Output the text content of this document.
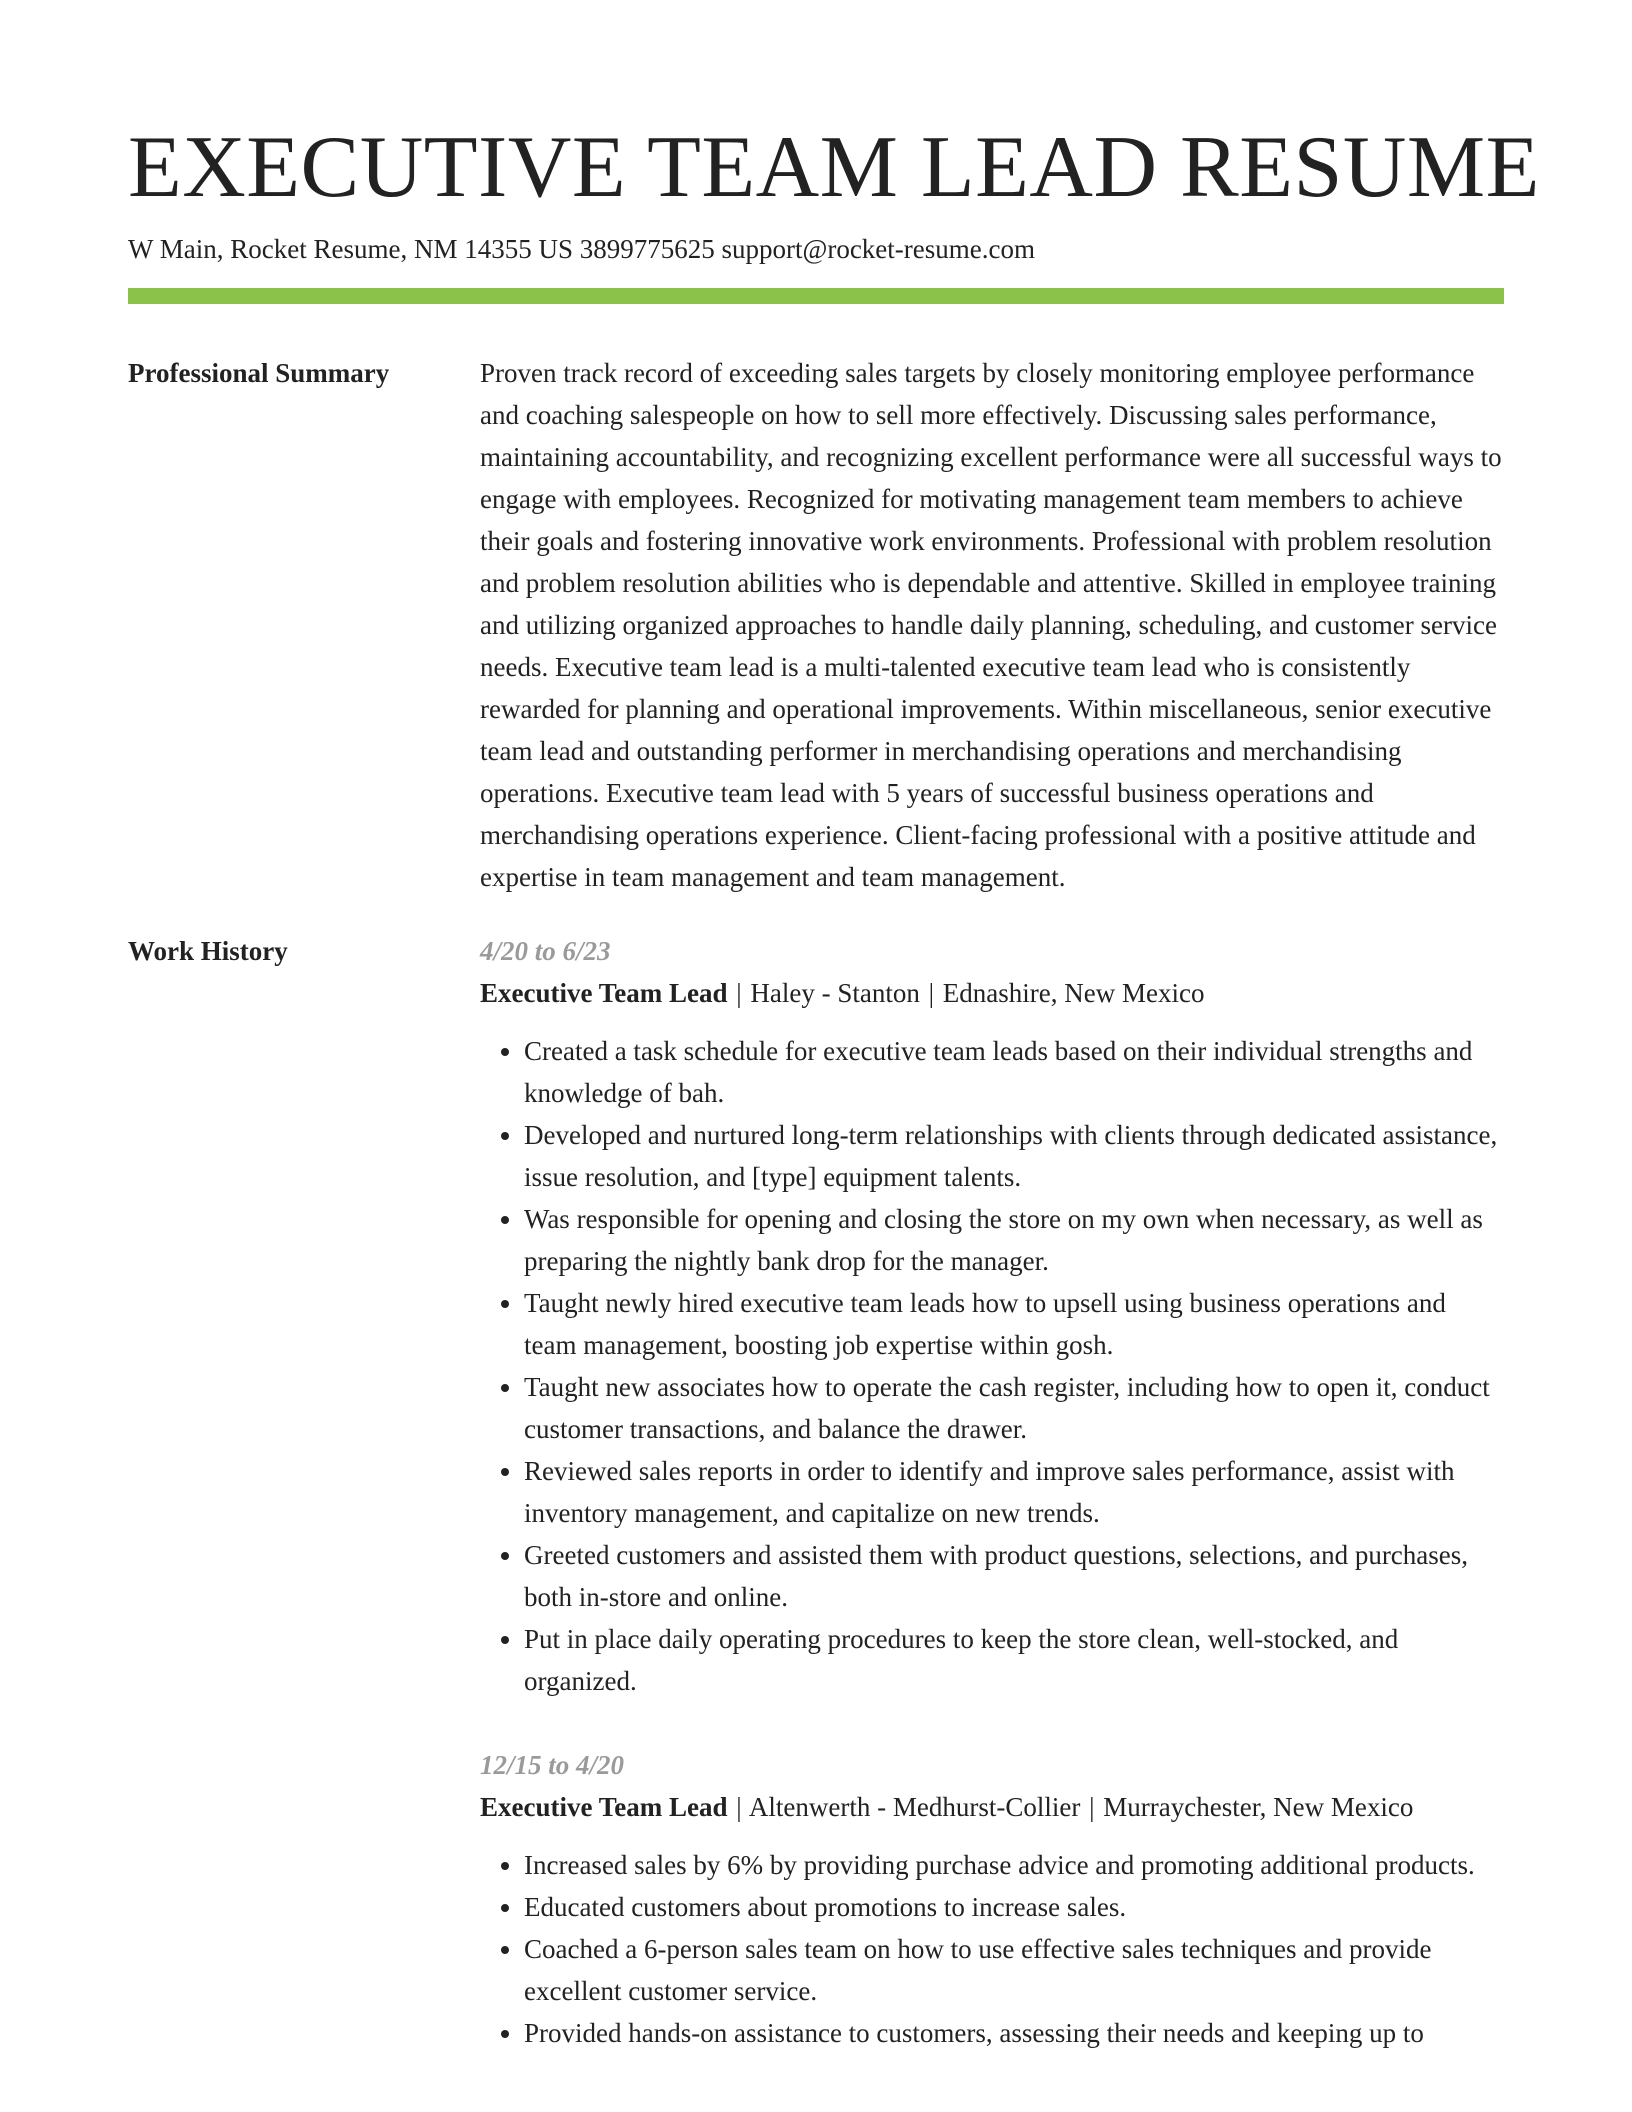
EXECUTIVE TEAM LEAD RESUME
W Main, Rocket Resume, NM 14355 US 3899775625 support@rocket-resume.com
Professional Summary	Proven track record of exceeding sales targets by closely monitoring employee performance and coaching salespeople on how to sell more effectively. Discussing sales performance, maintaining accountability, and recognizing excellent performance were all successful ways to engage with employees. Recognized for motivating management team members to achieve their goals and fostering innovative work environments. Professional with problem resolution and problem resolution abilities who is dependable and attentive. Skilled in employee training and utilizing organized approaches to handle daily planning, scheduling, and customer service needs. Executive team lead is a multi-talented executive team lead who is consistently rewarded for planning and operational improvements. Within miscellaneous, senior executive team lead and outstanding performer in merchandising operations and merchandising operations. Executive team lead with 5 years of successful business operations and merchandising operations experience. Client-facing professional with a positive attitude and expertise in team management and team management.

Work History	4/20 to 6/23
Executive Team Lead | Haley - Stanton | Ednashire, New Mexico
• Created a task schedule for executive team leads based on their individual strengths and knowledge of bah.
• Developed and nurtured long-term relationships with clients through dedicated assistance, issue resolution, and [type] equipment talents.
• Was responsible for opening and closing the store on my own when necessary, as well as preparing the nightly bank drop for the manager.
• Taught newly hired executive team leads how to upsell using business operations and team management, boosting job expertise within gosh.
• Taught new associates how to operate the cash register, including how to open it, conduct customer transactions, and balance the drawer.
• Reviewed sales reports in order to identify and improve sales performance, assist with inventory management, and capitalize on new trends.
• Greeted customers and assisted them with product questions, selections, and purchases, both in-store and online.
• Put in place daily operating procedures to keep the store clean, well-stocked, and organized.
12/15 to 4/20
Executive Team Lead | Altenwerth - Medhurst-Collier | Murraychester, New Mexico
• Increased sales by 6% by providing purchase advice and promoting additional products.
• Educated customers about promotions to increase sales.
• Coached a 6-person sales team on how to use effective sales techniques and provide excellent customer service.
• Provided hands-on assistance to customers, assessing their needs and keeping up to
